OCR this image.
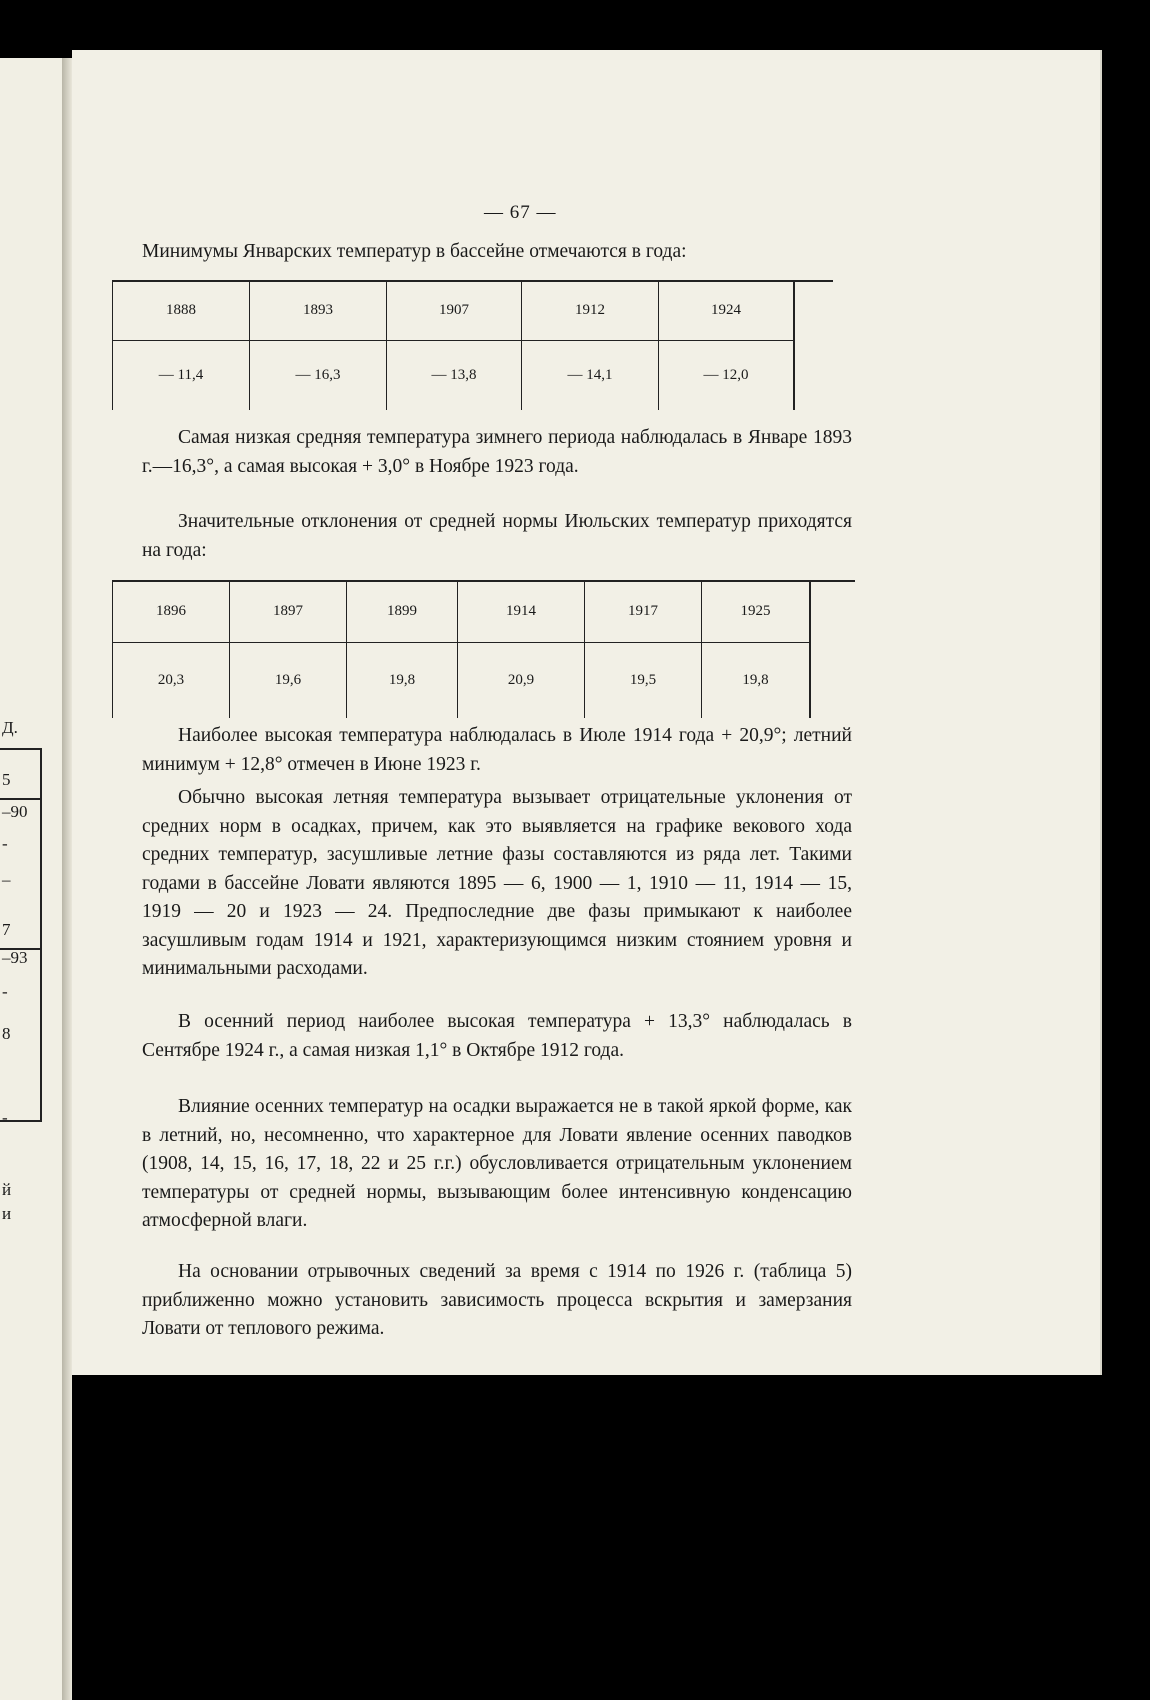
Д.
5
–90
-
–
7
–93
-
8
-
й
и
— 67 —

Минимумы Январских температур в бассейне отмечаются в года:

1888	1893	1907	1912	1924
— 11,4	— 16,3	— 13,8	— 14,1	— 12,0

Самая низкая средняя температура зимнего периода наблюдалась в Январе 1893 г.—16,3°, а самая высокая + 3,0° в Ноябре 1923 года.

Значительные отклонения от средней нормы Июльских температур приходятся на года:

1896	1897	1899	1914	1917	1925
20,3	19,6	19,8	20,9	19,5	19,8

Наиболее высокая температура наблюдалась в Июле 1914 года + 20,9°; летний минимум + 12,8° отмечен в Июне 1923 г.

Обычно высокая летняя температура вызывает отрицательные уклонения от средних норм в осадках, причем, как это выявляется на графике векового хода средних температур, засушливые летние фазы составляются из ряда лет. Такими годами в бассейне Ловати являются 1895 — 6, 1900 — 1, 1910 — 11, 1914 — 15, 1919 — 20 и 1923 — 24. Предпоследние две фазы примыкают к наиболее засушливым годам 1914 и 1921, характеризующимся низким стоянием уровня и минимальными расходами.

В осенний период наиболее высокая температура + 13,3° наблюдалась в Сентябре 1924 г., а самая низкая 1,1° в Октябре 1912 года.

Влияние осенних температур на осадки выражается не в такой яркой форме, как в летний, но, несомненно, что характерное для Ловати явление осенних паводков (1908, 14, 15, 16, 17, 18, 22 и 25 г.г.) обусловливается отрицательным уклонением температуры от средней нормы, вызывающим более интенсивную конденсацию атмосферной влаги.

На основании отрывочных сведений за время с 1914 по 1926 г. (таблица 5) приближенно можно установить зависимость процесса вскрытия и замерзания Ловати от теплового режима.
